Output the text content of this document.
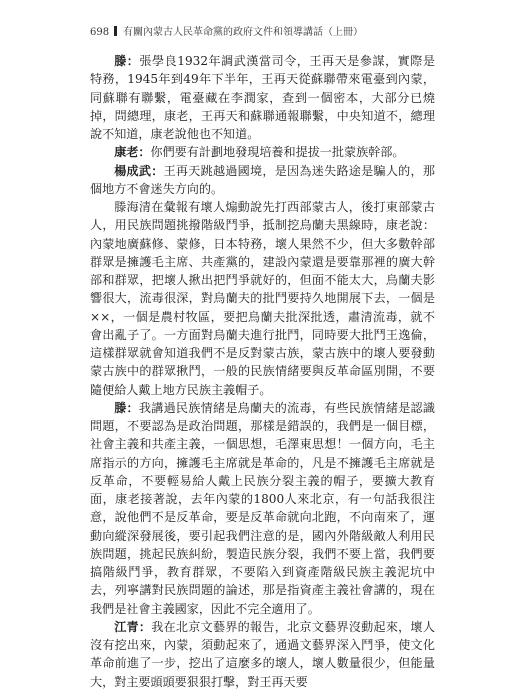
698 有關內蒙古人民革命黨的政府文件和領導講話（上冊）

滕：張學良1932年調武漢當司令，王再天是參謀，實際是特務，1945年到49年下半年，王再天從蘇聯帶來電臺到內蒙，同蘇聯有聯繫，電臺藏在李潤家，查到一個密本，大部分已燒掉，問總理，康老，王再天和蘇聯通報聯繫，中央知道不，總理說不知道，康老說他也不知道。

康老：你們要有計劃地發現培養和提拔一批蒙族幹部。

楊成武：王再天跳越過國境，是因為迷失路途是騙人的，那個地方不會迷失方向的。

滕海清在彙報有壞人煽動說先打西部蒙古人，後打東部蒙古人，用民族問題挑撥階級鬥爭，抵制挖烏蘭夫黑線時，康老說：內蒙地廣蘇修、蒙修，日本特務，壞人果然不少，但大多數幹部群眾是擁護毛主席、共產黨的，建設內蒙還是要靠那裡的廣大幹部和群眾，把壞人揪出把鬥爭就好的，但面不能太大，烏蘭夫影響很大，流毒很深，對烏蘭夫的批鬥要持久地開展下去，一個是××，一個是農村牧區，要把烏蘭夫批深批透，肅清流毒，就不會出亂子了。一方面對烏蘭夫進行批鬥，同時要大批鬥王逸倫，這樣群眾就會知道我們不是反對蒙古族，蒙古族中的壞人要發動蒙古族中的群眾揪鬥，一般的民族情緒要與反革命區別開，不要隨便給人戴上地方民族主義帽子。

滕：我講過民族情緒是烏蘭夫的流毒，有些民族情緒是認識問題，不要認為是政治問題，那樣是錯誤的，我們是一個目標，社會主義和共產主義，一個思想，毛澤東思想！一個方向，毛主席指示的方向，擁護毛主席就是革命的，凡是不擁護毛主席就是反革命，不要輕易給人戴上民族分裂主義的帽子，要擴大教育面，康老接著說，去年內蒙的1800人來北京，有一句話我很注意，說他們不是反革命，要是反革命就向北跑，不向南來了，運動向縱深發展後，要引起我們注意的是，國內外階級敵人利用民族問題，挑起民族糾紛，製造民族分裂，我們不要上當，我們要搞階級鬥爭，教育群眾，不要陷入到資產階級民族主義泥坑中去，列寧講對民族問題的論述，那是指資產主義社會講的，現在我們是社會主義國家，因此不完全適用了。

江青：我在北京文藝界的報告，北京文藝界沒動起來，壞人沒有挖出來，內蒙，須動起來了，通過文藝界深入鬥爭，使文化革命前進了一步，挖出了這麼多的壞人，壞人數量很少，但能量大，對主要頭頭要狠狠打擊，對王再天要
